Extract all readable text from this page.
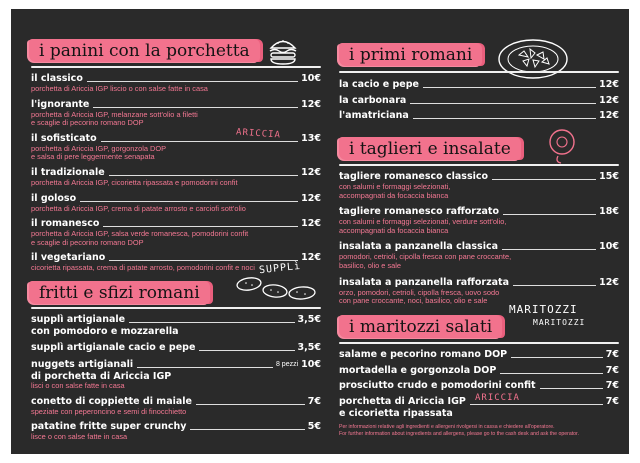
i panini con la porchetta
il classico	10€
porchetta di Ariccia IGP liscio o con salse fatte in casa
l'ignorante	12€
porchetta di Ariccia IGP, melanzane sott'olio a filetti
e scaglie di pecorino romano DOP
il sofisticato	13€
porchetta di Ariccia IGP, gorgonzola DOP
e salsa di pere leggermente senapata
il tradizionale	12€
porchetta di Ariccia IGP, cicorietta ripassata e pomodorini confit
il goloso	12€
porchetta di Ariccia IGP, crema di patate arrosto e carciofi sott'olio
il romanesco	12€
porchetta di Ariccia IGP, salsa verde romanesca, pomodorini confit
e scaglie di pecorino romano DOP
il vegetariano	12€
cicorietta ripassata, crema di patate arrosto, pomodorini confit e noci
fritti e sfizi romani
SUPPLì
supplì artigianale	3,5€
con pomodoro e mozzarella
supplì artigianale cacio e pepe	3,5€
nuggets artigianali	8 pezzi 10€
di porchetta di Ariccia IGP
lisci o con salse fatte in casa
conetto di coppiette di maiale	7€
speziate con peperoncino e semi di finocchietto
patatine fritte super crunchy	5€
lisce o con salse fatte in casa
ARICCIA
i primi romani
la cacio e pepe	12€
la carbonara	12€
l'amatriciana	12€
i taglieri e insalate
tagliere romanesco classico	15€
con salumi e formaggi selezionati,
accompagnati da focaccia bianca
tagliere romanesco rafforzato	18€
con salumi e formaggi selezionati, verdure sott'olio,
accompagnati da focaccia bianca
insalata a panzanella classica	10€
pomodori, cetrioli, cipolla fresca con pane croccante,
basilico, olio e sale
insalata a panzanella rafforzata	12€
orzo, pomodori, cetrioli, cipolla fresca, uovo sodo
con pane croccante, noci, basilico, olio e sale
i maritozzi salati
MARITOZZI
MARITOZZI
salame e pecorino romano DOP	7€
mortadella e gorgonzola DOP	7€
prosciutto crudo e pomodorini confit	7€
porchetta di Ariccia IGP	7€
e cicorietta ripassata
ARICCIA
Per informazioni relative agli ingredienti e allergeni rivolgersi in cassa e chiedere all'operatore.
For further information about ingredients and allergens, please go to the cash desk and ask the operator.
